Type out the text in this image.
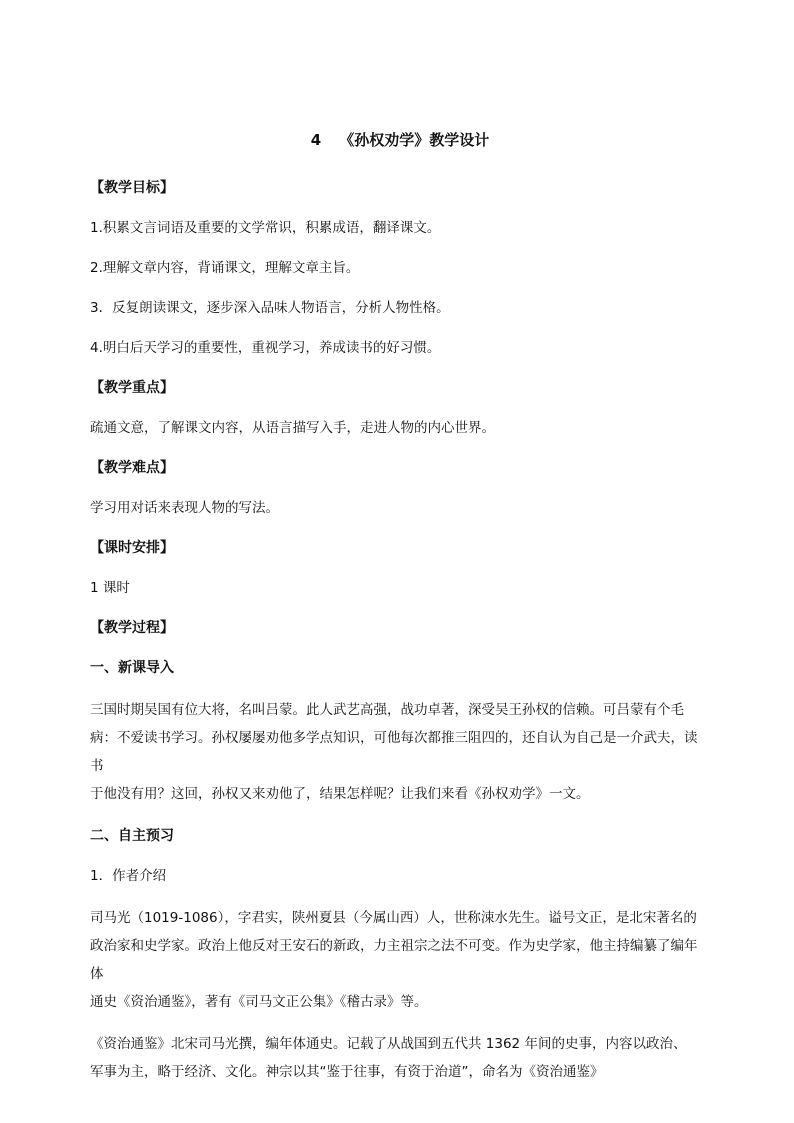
4 《孙权劝学》教学设计
【教学目标】
1.积累文言词语及重要的文学常识，积累成语，翻译课文。
2.理解文章内容，背诵课文，理解文章主旨。
3．反复朗读课文，逐步深入品味人物语言，分析人物性格。
4.明白后天学习的重要性，重视学习，养成读书的好习惯。
【教学重点】
疏通文意，了解课文内容，从语言描写入手，走进人物的内心世界。
【教学难点】
学习用对话来表现人物的写法。
【课时安排】
1 课时
【教学过程】
一、新课导入
三国时期吴国有位大将，名叫吕蒙。此人武艺高强，战功卓著，深受吴王孙权的信赖。可吕蒙有个毛
病：不爱读书学习。孙权屡屡劝他多学点知识，可他每次都推三阻四的，还自认为自己是一介武夫，读书
于他没有用？这回，孙权又来劝他了，结果怎样呢？让我们来看《孙权劝学》一文。
二、自主预习
1．作者介绍
司马光（1019-1086），字君实，陕州夏县（今属山西）人，世称涑水先生。谥号文正，是北宋著名的
政治家和史学家。政治上他反对王安石的新政，力主祖宗之法不可变。作为史学家，他主持编纂了编年体
通史《资治通鉴》，著有《司马文正公集》《稽古录》等。
《资治通鉴》北宋司马光撰，编年体通史。记载了从战国到五代共 1362 年间的史事，内容以政治、
军事为主，略于经济、文化。神宗以其“鉴于往事，有资于治道”，命名为《资治通鉴》
